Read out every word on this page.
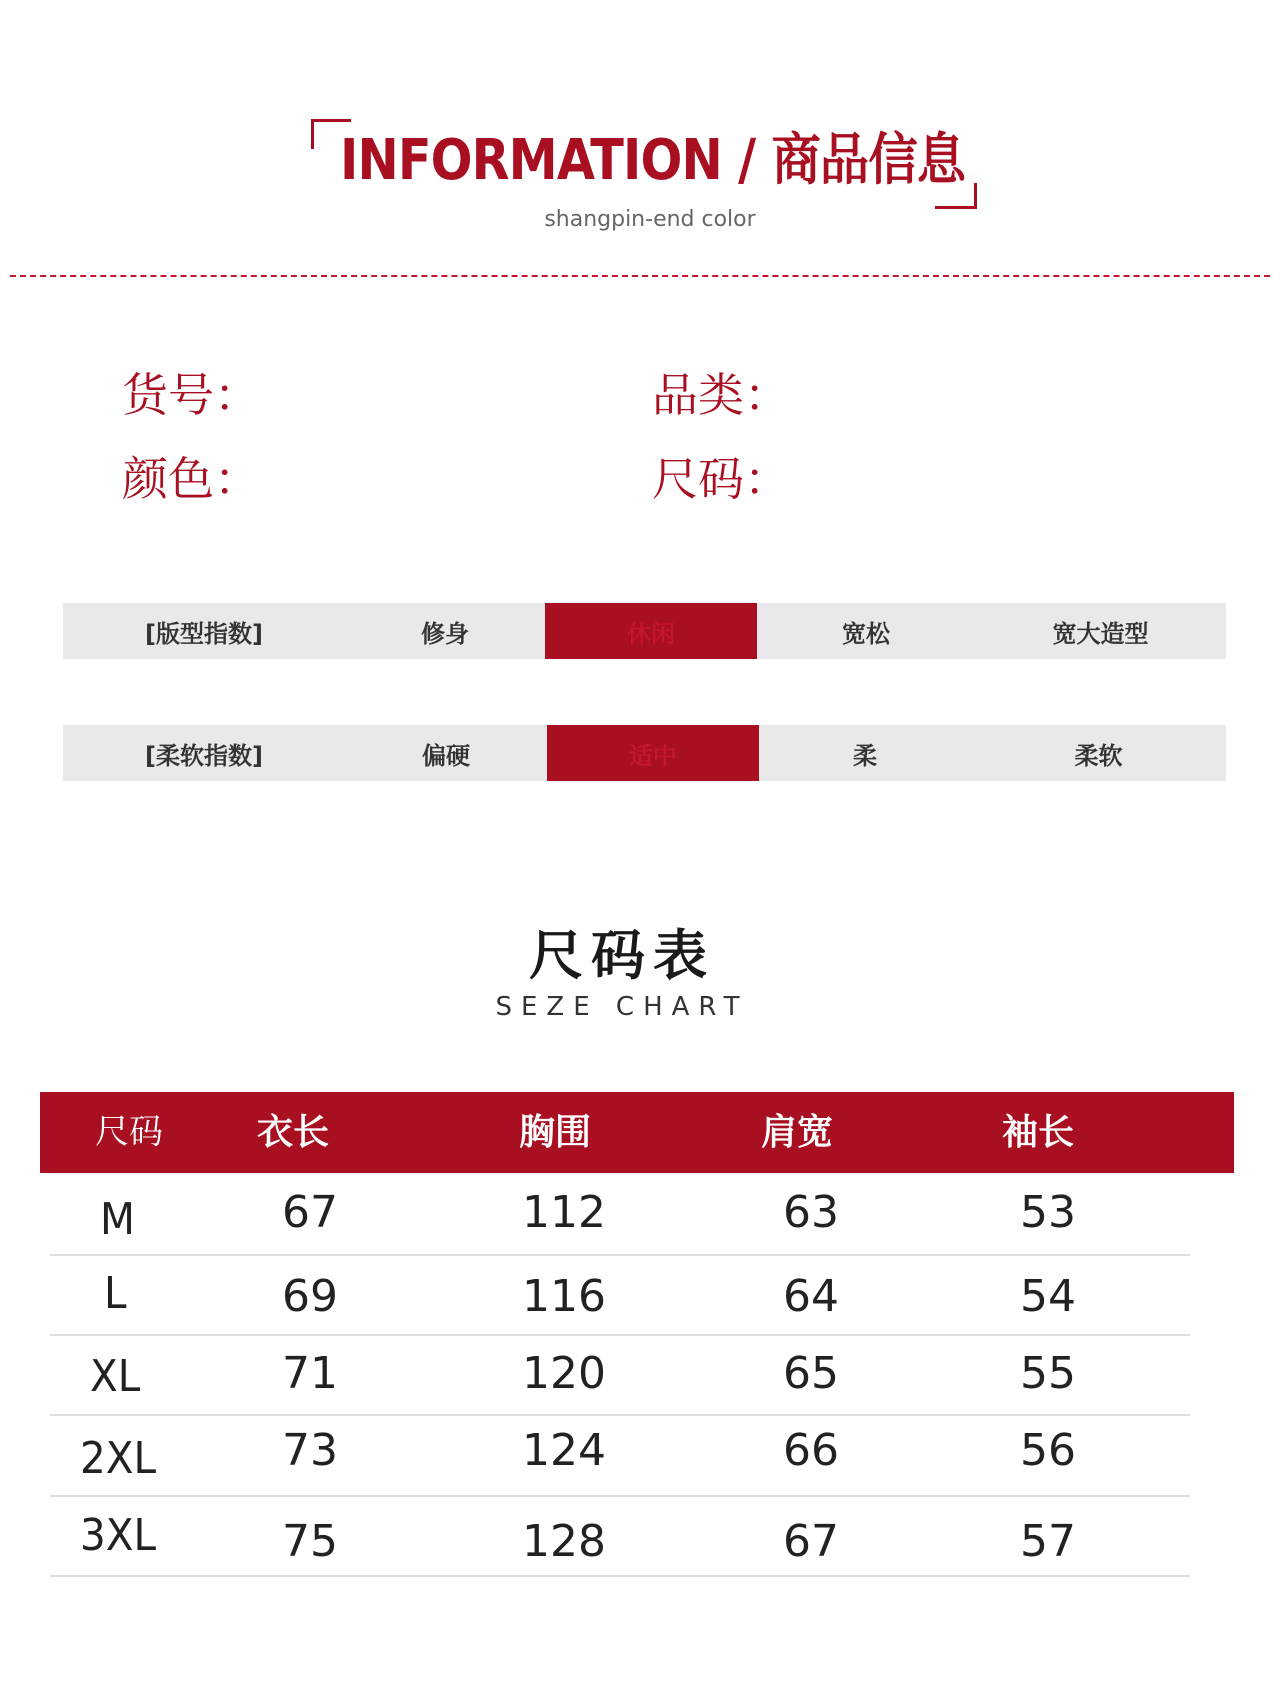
INFORMATION / 商品信息
shangpin-end color
货号：	品类：
颜色：	尺码：
[版型指数]	修身	休闲	宽松	宽大造型
[柔软指数]	偏硬	适中	柔	柔软
尺码表
SEZE CHART
尺码	衣长	胸围	肩宽	袖长
M	67	112	63	53
L	69	116	64	54
XL	71	120	65	55
2XL	73	124	66	56
3XL	75	128	67	57
